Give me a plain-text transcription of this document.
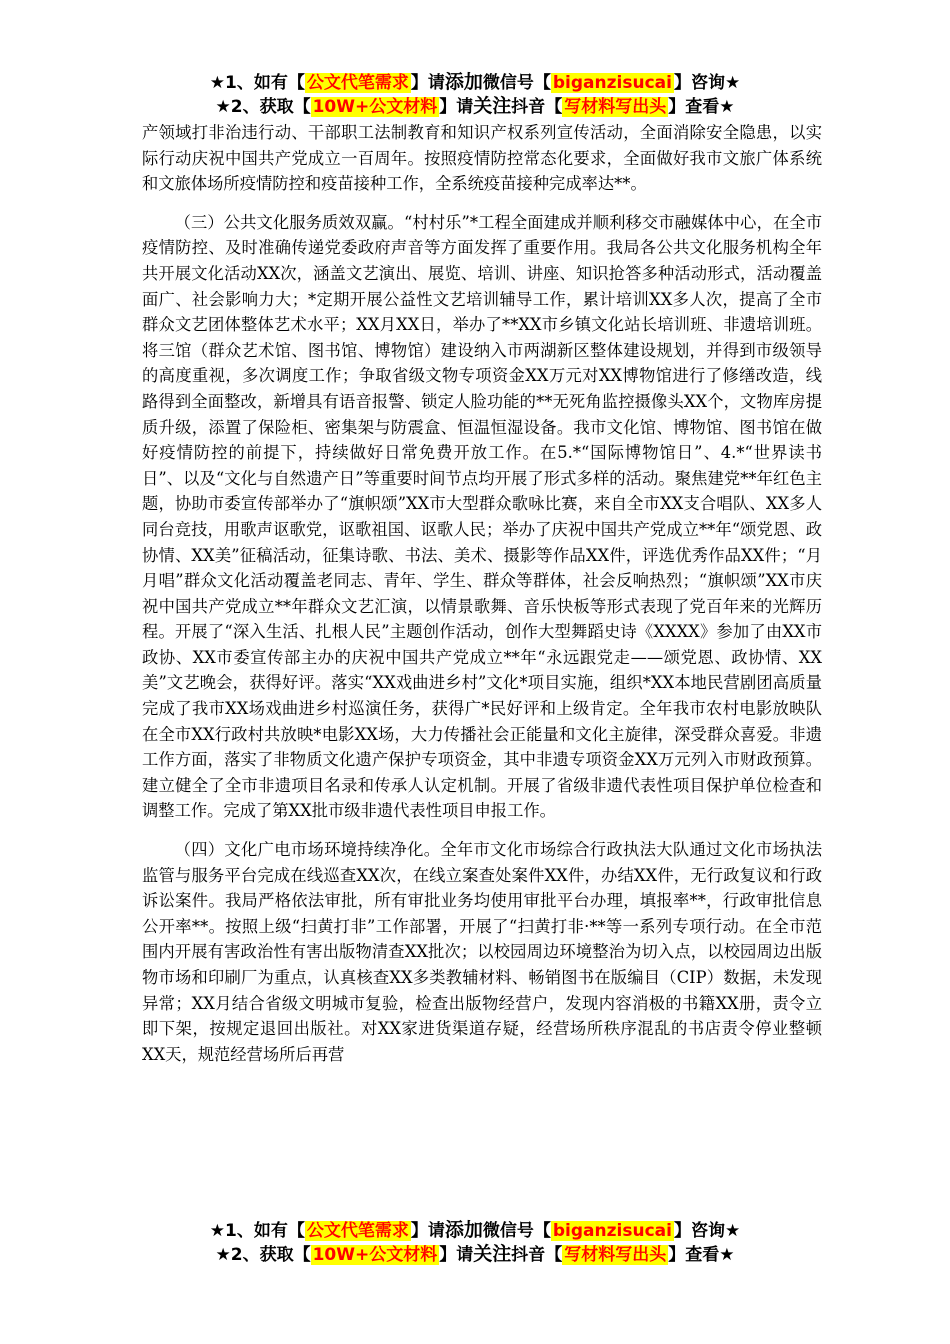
★1、如有【 公文代笔需求 】请添加微信号【 biganzisucai 】咨询★
★2、获取【 10W+公文材料 】请关注抖音【 写材料写出头 】查看★

产领域打非治违行动、干部职工法制教育和知识产权系列宣传活动，全面消除安全隐患，以实际行动庆祝中国共产党成立一百周年。按照疫情防控常态化要求，全面做好我市文旅广体系统和文旅体场所疫情防控和疫苗接种工作，全系统疫苗接种完成率达**。

（三）公共文化服务质效双赢。“村村乐”*工程全面建成并顺利移交市融媒体中心，在全市疫情防控、及时准确传递党委政府声音等方面发挥了重要作用。我局各公共文化服务机构全年共开展文化活动XX次，涵盖文艺演出、展览、培训、讲座、知识抢答多种活动形式，活动覆盖面广、社会影响力大；*定期开展公益性文艺培训辅导工作，累计培训XX多人次，提高了全市群众文艺团体整体艺术水平；XX月XX日，举办了**XX市乡镇文化站长培训班、非遗培训班。将三馆（群众艺术馆、图书馆、博物馆）建设纳入市两湖新区整体建设规划，并得到市级领导的高度重视，多次调度工作；争取省级文物专项资金XX万元对XX博物馆进行了修缮改造，线路得到全面整改，新增具有语音报警、锁定人脸功能的**无死角监控摄像头XX个，文物库房提质升级，添置了保险柜、密集架与防震盒、恒温恒湿设备。我市文化馆、博物馆、图书馆在做好疫情防控的前提下，持续做好日常免费开放工作。在5.*“国际博物馆日”、4.*“世界读书日”、以及“文化与自然遗产日”等重要时间节点均开展了形式多样的活动。聚焦建党**年红色主题，协助市委宣传部举办了“旗帜颂”XX市大型群众歌咏比赛，来自全市XX支合唱队、XX多人同台竞技，用歌声讴歌党，讴歌祖国、讴歌人民；举办了庆祝中国共产党成立**年“颂党恩、政协情、XX美”征稿活动，征集诗歌、书法、美术、摄影等作品XX件，评选优秀作品XX件；“月月唱”群众文化活动覆盖老同志、青年、学生、群众等群体，社会反响热烈；“旗帜颂”XX市庆祝中国共产党成立**年群众文艺汇演，以情景歌舞、音乐快板等形式表现了党百年来的光辉历程。开展了“深入生活、扎根人民”主题创作活动，创作大型舞蹈史诗《XXXX》参加了由XX市政协、XX市委宣传部主办的庆祝中国共产党成立**年“永远跟党走——颂党恩、政协情、XX美”文艺晚会，获得好评。落实“XX戏曲进乡村”文化*项目实施，组织*XX本地民营剧团高质量完成了我市XX场戏曲进乡村巡演任务，获得广*民好评和上级肯定。全年我市农村电影放映队在全市XX行政村共放映*电影XX场，大力传播社会正能量和文化主旋律，深受群众喜爱。非遗工作方面，落实了非物质文化遗产保护专项资金，其中非遗专项资金XX万元列入市财政预算。建立健全了全市非遗项目名录和传承人认定机制。开展了省级非遗代表性项目保护单位检查和调整工作。完成了第XX批市级非遗代表性项目申报工作。

（四）文化广电市场环境持续净化。全年市文化市场综合行政执法大队通过文化市场执法监管与服务平台完成在线巡查XX次，在线立案查处案件XX件，办结XX件，无行政复议和行政诉讼案件。我局严格依法审批，所有审批业务均使用审批平台办理，填报率**，行政审批信息公开率**。按照上级“扫黄打非”工作部署，开展了“扫黄打非·**等一系列专项行动。在全市范围内开展有害政治性有害出版物清查XX批次；以校园周边环境整治为切入点，以校园周边出版物市场和印刷厂为重点，认真核查XX多类教辅材料、畅销图书在版编目（CIP）数据，未发现异常；XX月结合省级文明城市复验，检查出版物经营户，发现内容消极的书籍XX册，责令立即下架，按规定退回出版社。对XX家进货渠道存疑，经营场所秩序混乱的书店责令停业整顿XX天，规范经营场所后再营

★1、如有【 公文代笔需求 】请添加微信号【 biganzisucai 】咨询★
★2、获取【 10W+公文材料 】请关注抖音【 写材料写出头 】查看★
